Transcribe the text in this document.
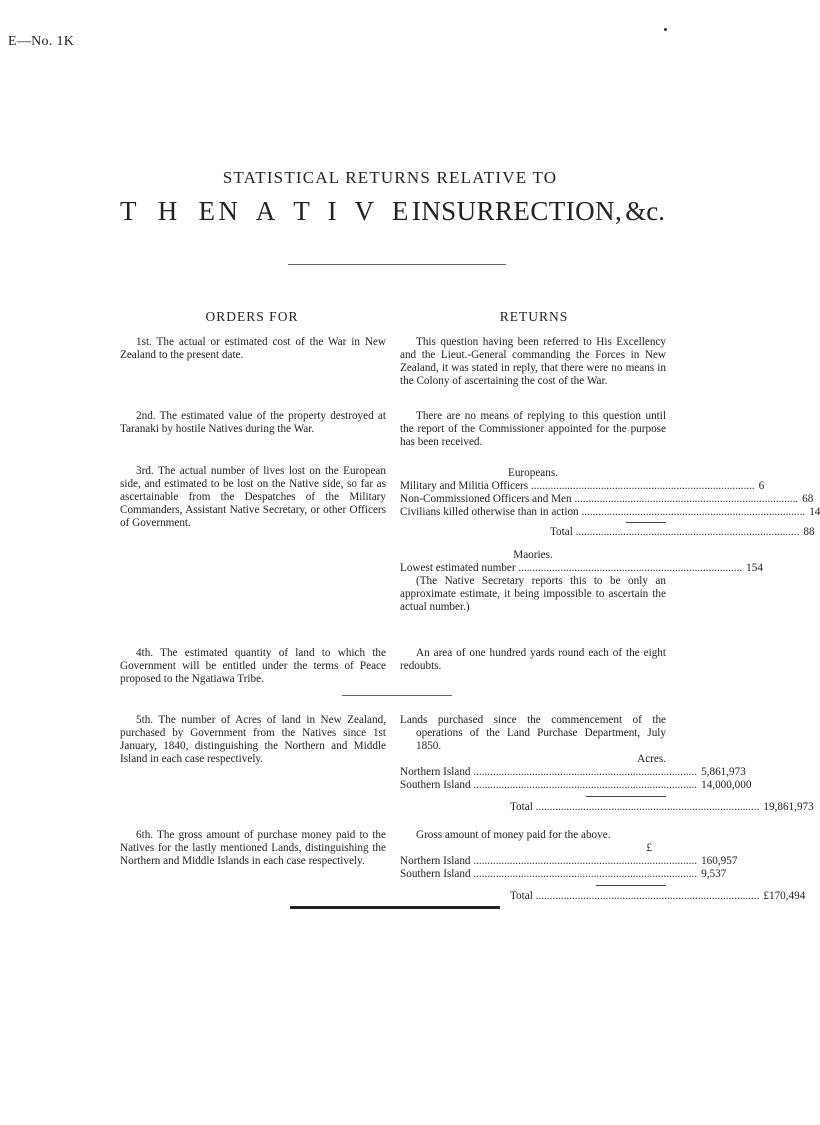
E—No. 1K
STATISTICAL RETURNS RELATIVE TO
T H E N A T I V E I N S U R R E C T I O N , &c.
ORDERS FOR	RETURNS
1st. The actual or estimated cost of the War in New Zealand to the present date.
2nd. The estimated value of the property destroyed at Taranaki by hostile Natives during the War.
3rd. The actual number of lives lost on the European side, and estimated to be lost on the Native side, so far as ascertainable from the Despatches of the Military Commanders, Assistant Native Secretary, or other Officers of Government.
4th. The estimated quantity of land to which the Government will be entitled under the terms of Peace proposed to the Ngatiawa Tribe.
This question having been referred to His Excellency and the Lieut.-General commanding the Forces in New Zealand, it was stated in reply, that there were no means in the Colony of ascertaining the cost of the War.
There are no means of replying to this question until the report of the Commissioner appointed for the purpose has been received.
Europeans.
Military and Militia Officers ................................................................................ 6
Non-Commissioned Officers and Men ................................................................................ 68
Civilians killed otherwise than in action ................................................................................ 14
Total ................................................................................ 88
Maories.
Lowest estimated number ................................................................................ 154
(The Native Secretary reports this to be only an approximate estimate, it being impossible to ascertain the actual number.)
An area of one hundred yards round each of the eight redoubts.
5th. The number of Acres of land in New Zealand, purchased by Government from the Natives since 1st January, 1840, distinguishing the Northern and Middle Island in each case respectively.
6th. The gross amount of purchase money paid to the Natives for the lastly mentioned Lands, distinguishing the Northern and Middle Islands in each case respectively.
Lands purchased since the commencement of the operations of the Land Purchase Department, July 1850.
Acres.
Northern Island ................................................................................ 5,861,973
Southern Island ................................................................................ 14,000,000
Total ................................................................................ 19,861,973
Gross amount of money paid for the above.
£
Northern Island ................................................................................ 160,957
Southern Island ................................................................................ 9,537
Total ................................................................................ £170,494
